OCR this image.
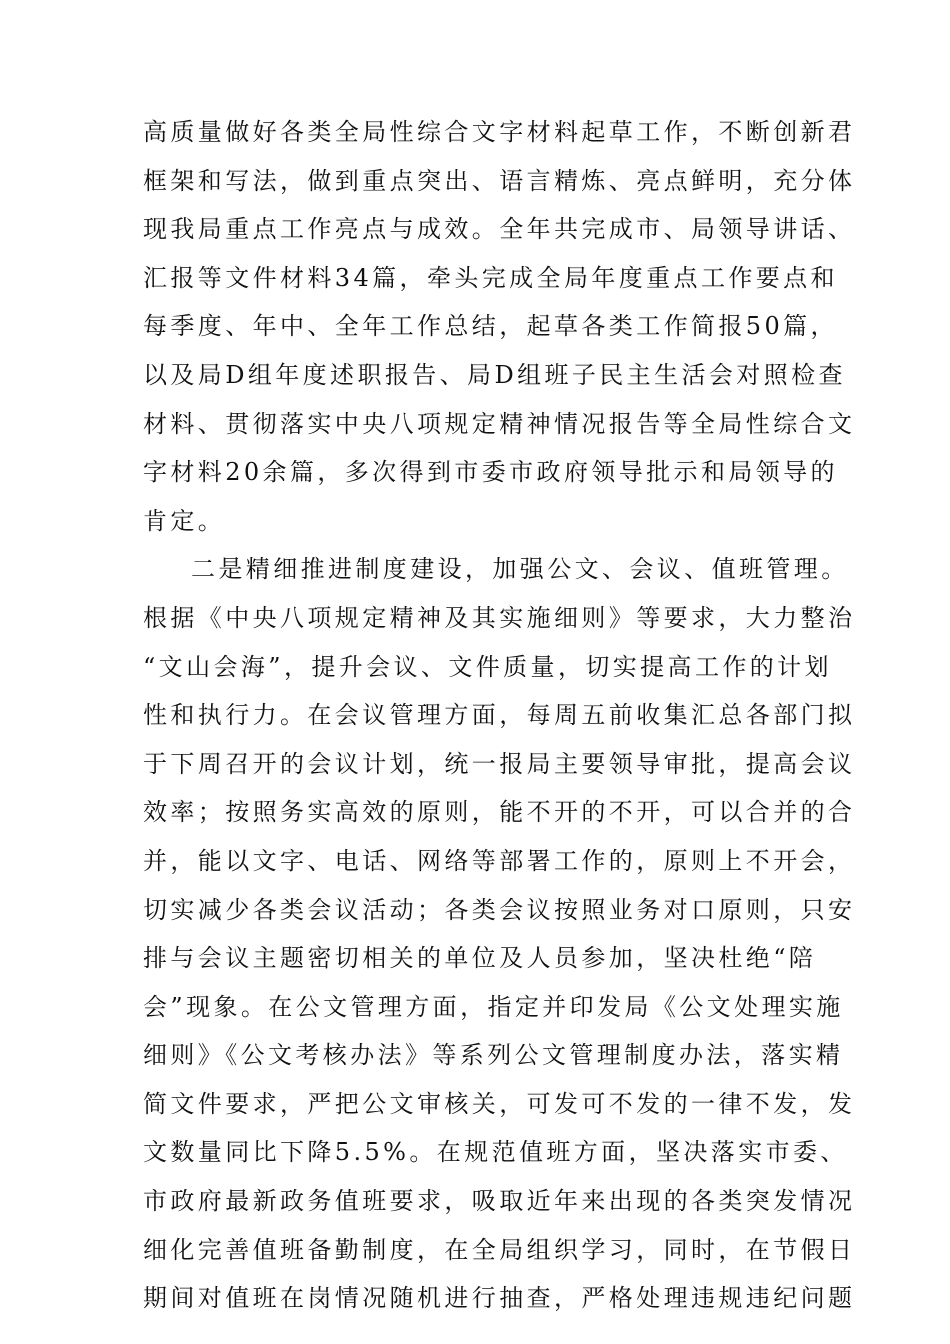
高质量做好各类全局性综合文字材料起草工作，不断创新君
框架和写法，做到重点突出、语言精炼、亮点鲜明，充分体
现我局重点工作亮点与成效。全年共完成市、局领导讲话、
汇报等文件材料34篇，牵头完成全局年度重点工作要点和
每季度、年中、全年工作总结，起草各类工作简报50篇，
以及局D组年度述职报告、局D组班子民主生活会对照检查
材料、贯彻落实中央八项规定精神情况报告等全局性综合文
字材料20余篇，多次得到市委市政府领导批示和局领导的
肯定。
二是精细推进制度建设，加强公文、会议、值班管理。
根据《中央八项规定精神及其实施细则》等要求，大力整治
“文山会海”，提升会议、文件质量，切实提高工作的计划
性和执行力。在会议管理方面，每周五前收集汇总各部门拟
于下周召开的会议计划，统一报局主要领导审批，提高会议
效率；按照务实高效的原则，能不开的不开，可以合并的合
并，能以文字、电话、网络等部署工作的，原则上不开会，
切实减少各类会议活动；各类会议按照业务对口原则，只安
排与会议主题密切相关的单位及人员参加，坚决杜绝“陪
会”现象。在公文管理方面，指定并印发局《公文处理实施
细则》《公文考核办法》等系列公文管理制度办法，落实精
简文件要求，严把公文审核关，可发可不发的一律不发，发
文数量同比下降5.5%。在规范值班方面，坚决落实市委、
市政府最新政务值班要求，吸取近年来出现的各类突发情况
细化完善值班备勤制度，在全局组织学习，同时，在节假日
期间对值班在岗情况随机进行抽查，严格处理违规违纪问题
